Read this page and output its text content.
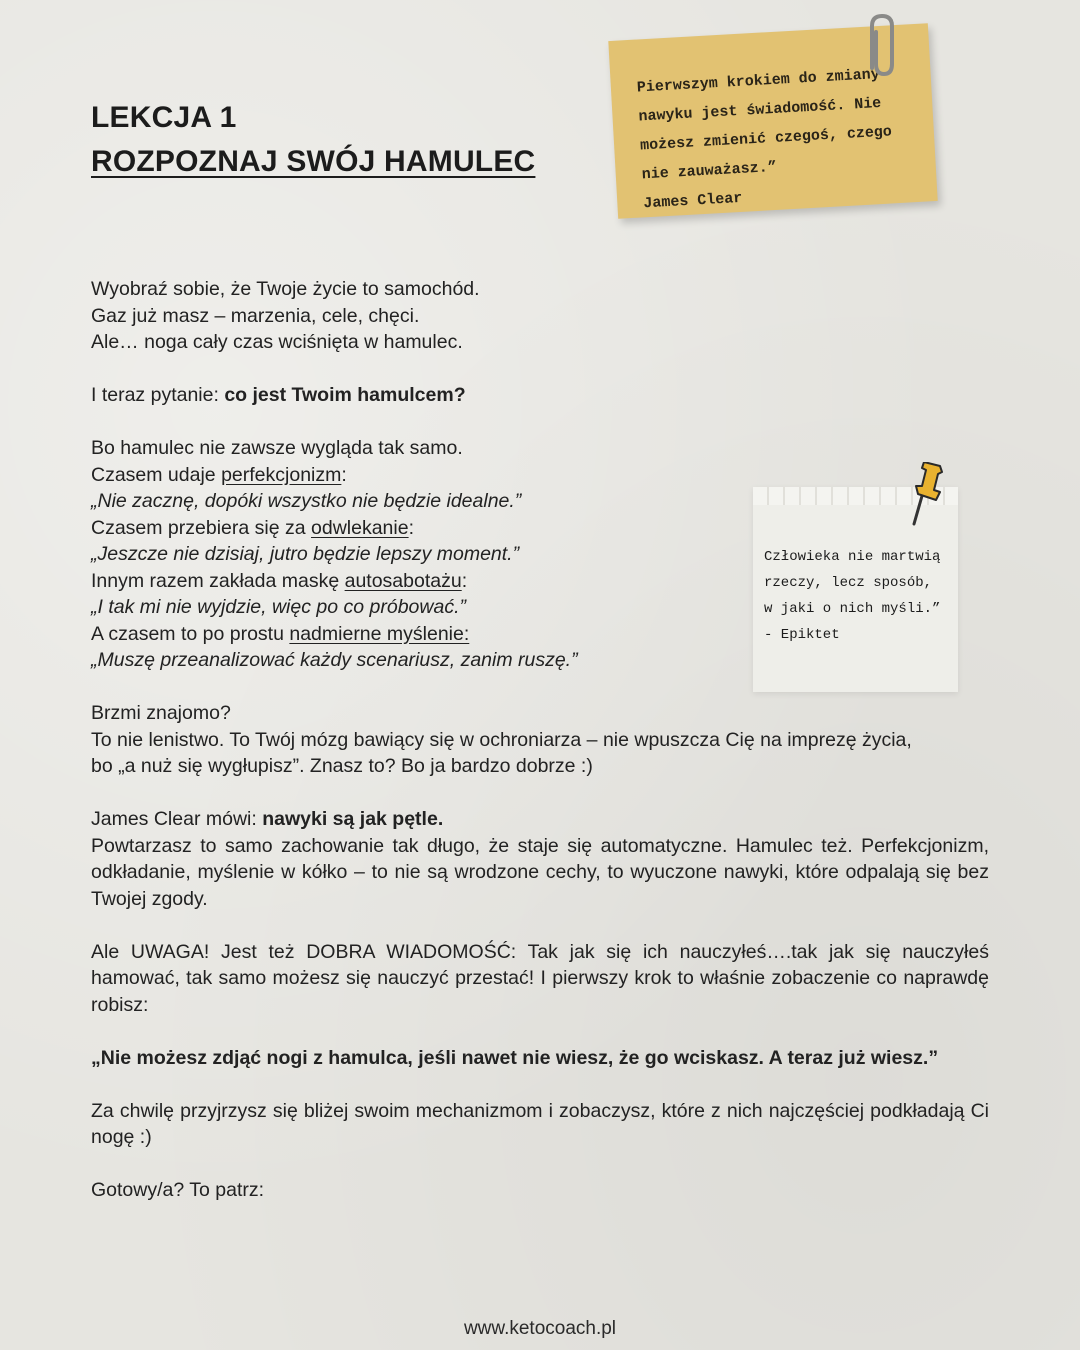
LEKCJA 1
ROZPOZNAJ SWÓJ HAMULEC
Pierwszym krokiem do zmiany
nawyku jest świadomość. Nie
możesz zmienić czegoś, czego
nie zauważasz.”
James Clear
Człowieka nie martwią
rzeczy, lecz sposób,
w jaki o nich myśli.”
- Epiktet

Wyobraź sobie, że Twoje życie to samochód.
Gaz już masz – marzenia, cele, chęci.
Ale… noga cały czas wciśnięta w hamulec.

I teraz pytanie: co jest Twoim hamulcem?

Bo hamulec nie zawsze wygląda tak samo.
Czasem udaje perfekcjonizm:
„Nie zacznę, dopóki wszystko nie będzie idealne.”
Czasem przebiera się za odwlekanie:
„Jeszcze nie dzisiaj, jutro będzie lepszy moment.”
Innym razem zakłada maskę autosabotażu:
„I tak mi nie wyjdzie, więc po co próbować.”
A czasem to po prostu nadmierne myślenie:
„Muszę przeanalizować każdy scenariusz, zanim ruszę.”

Brzmi znajomo?
To nie lenistwo. To Twój mózg bawiący się w ochroniarza – nie wpuszcza Cię na imprezę życia,
bo „a nuż się wygłupisz”. Znasz to? Bo ja bardzo dobrze :)

James Clear mówi: nawyki są jak pętle.
Powtarzasz to samo zachowanie tak długo, że staje się automatyczne. Hamulec też. Perfekcjonizm, odkładanie, myślenie w kółko – to nie są wrodzone cechy, to wyuczone nawyki, które odpalają się bez Twojej zgody.

Ale UWAGA! Jest też DOBRA WIADOMOŚĆ: Tak jak się ich nauczyłeś….tak jak się nauczyłeś hamować, tak samo możesz się nauczyć przestać! I pierwszy krok to właśnie zobaczenie co naprawdę robisz:

„Nie możesz zdjąć nogi z hamulca, jeśli nawet nie wiesz, że go wciskasz. A teraz już wiesz.”

Za chwilę przyjrzysz się bliżej swoim mechanizmom i zobaczysz, które z nich najczęściej podkładają Ci nogę :)

Gotowy/a? To patrz:

www.ketocoach.pl
